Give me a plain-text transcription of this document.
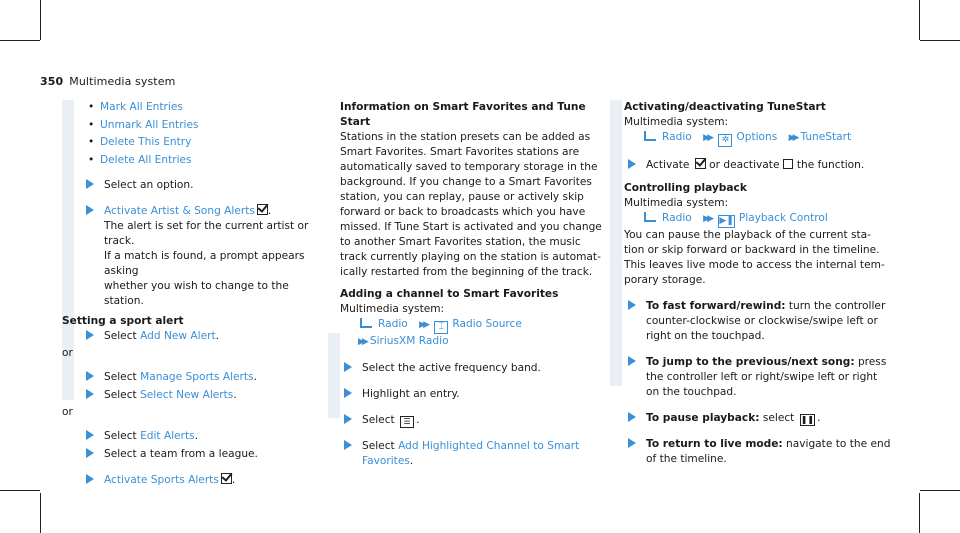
350 Multimedia system
• Mark All Entries
• Unmark All Entries
• Delete This Entry
• Delete All Entries
Select an option.
Activate Artist & Song Alerts .
The alert is set for the current artist or track.
If a match is found, a prompt appears asking
whether you wish to change to the station.
Setting a sport alert
Select Add New Alert.
or
Select Manage Sports Alerts.
Select Select New Alerts.
or
Select Edit Alerts.
Select a team from a league.
Activate Sports Alerts .
Information on Smart Favorites and Tune
Start
Stations in the station presets can be added as
Smart Favorites. Smart Favorites stations are
automatically saved to temporary storage in the
background. If you change to a Smart Favorites
station, you can replay, pause or actively skip
forward or back to broadcasts which you have
missed. If Tune Start is activated and you change
to another Smart Favorites station, the music
track currently playing on the station is automat-
ically restarted from the beginning of the track.
Adding a channel to Smart Favorites
Multimedia system:
Radio ▶▶ ⌶ Radio Source
▶▶ SiriusXM Radio
Select the active frequency band.
Highlight an entry.
Select ☰ .
Select Add Highlighted Channel to Smart
Favorites.
Activating/deactivating TuneStart
Multimedia system:
Radio ▶▶ ✲ Options ▶▶ TuneStart
Activate or deactivate the function.
Controlling playback
Multimedia system:
Radio ▶▶ ▶❚ Playback Control
You can pause the playback of the current sta-
tion or skip forward or backward in the timeline.
This leaves live mode to access the internal tem-
porary storage.
To fast forward/rewind: turn the controller
counter-clockwise or clockwise/swipe left or
right on the touchpad.
To jump to the previous/next song: press
the controller left or right/swipe left or right
on the touchpad.
To pause playback: select ❚❚ .
To return to live mode: navigate to the end
of the timeline.
